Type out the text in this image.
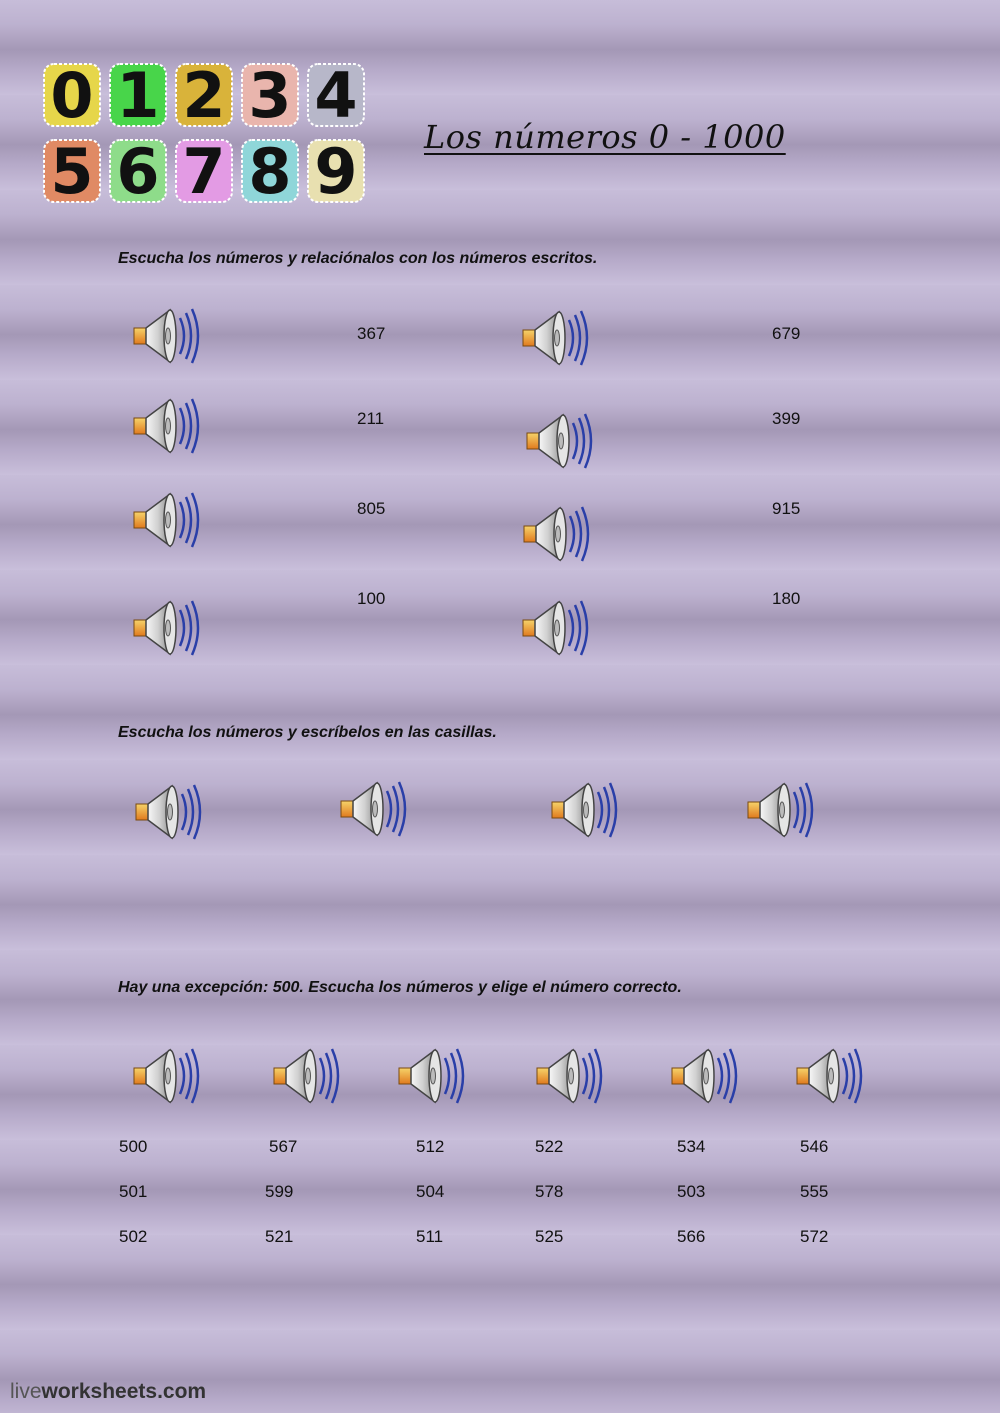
0 1 2 3 4
5 6 7 8 9 Los números 0 - 1000
Escucha los números y relaciónalos con los números escritos.
367
211
805
100
679
399
915
180
Escucha los números y escríbelos en las casillas.
Hay una excepción: 500. Escucha los números y elige el número correcto.
500
501
502
567
599
521
512
504
511
522
578
525
534
503
566
546
555
572
liveworksheets.com
